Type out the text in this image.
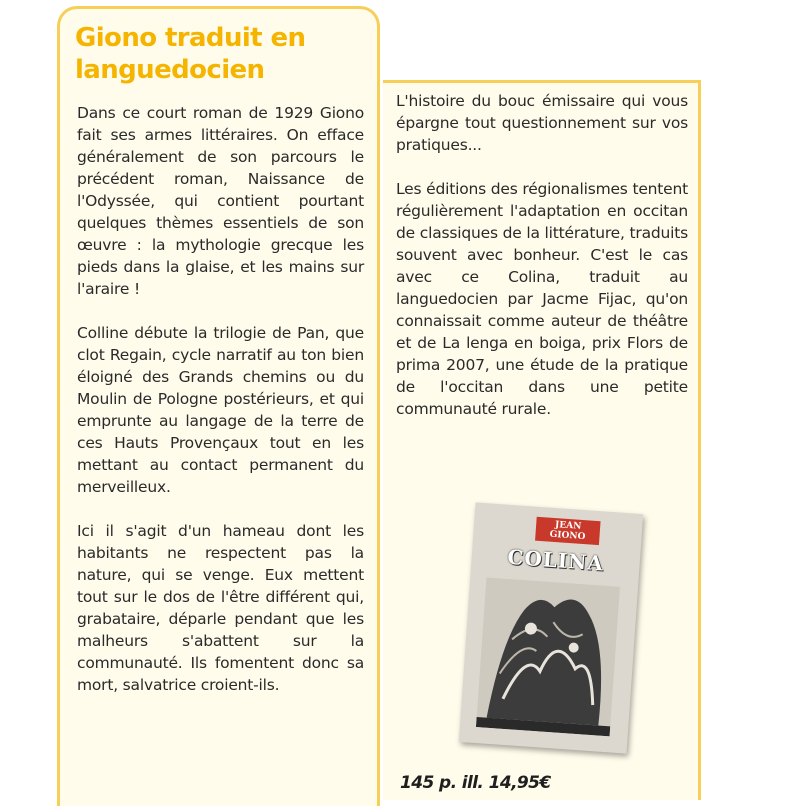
Giono traduit en languedocien

Dans ce court roman de 1929 Giono fait ses armes littéraires. On efface généralement de son parcours le précédent roman, Naissance de l'Odyssée, qui contient pourtant quelques thèmes essentiels de son œuvre : la mythologie grecque les pieds dans la glaise, et les mains sur l'araire !

Colline débute la trilogie de Pan, que clot Regain, cycle narratif au ton bien éloigné des Grands chemins ou du Moulin de Pologne postérieurs, et qui emprunte au langage de la terre de ces Hauts Provençaux tout en les mettant au contact permanent du merveilleux.

Ici il s'agit d'un hameau dont les habitants ne respectent pas la nature, qui se venge. Eux mettent tout sur le dos de l'être différent qui, grabataire, déparle pendant que les malheurs s'abattent sur la communauté. Ils fomentent donc sa mort, salvatrice croient-ils.

L'histoire du bouc émissaire qui vous épargne tout questionnement sur vos pratiques...

Les éditions des régionalismes tentent régulièrement l'adaptation en occitan de classiques de la littérature, traduits souvent avec bonheur. C'est le cas avec ce Colina, traduit au languedocien par Jacme Fijac, qu'on connaissait comme auteur de théâtre et de La lenga en boiga, prix Flors de prima 2007, une étude de la pratique de l'occitan dans une petite communauté rurale.

JEAN GIONO
COLINA
145 p. ill. 14,95€
